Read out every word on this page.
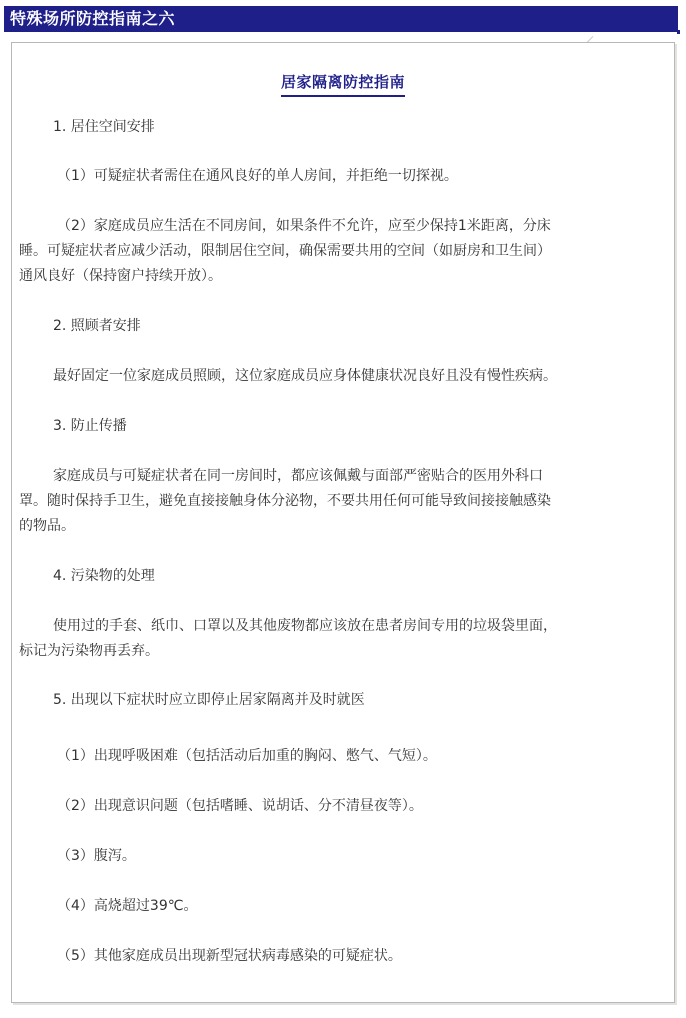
特殊场所防控指南之六
居家隔离防控指南
1. 居住空间安排
（1）可疑症状者需住在通风良好的单人房间，并拒绝一切探视。
（2）家庭成员应生活在不同房间，如果条件不允许，应至少保持1米距离，分床
睡。可疑症状者应减少活动，限制居住空间，确保需要共用的空间（如厨房和卫生间）
通风良好（保持窗户持续开放）。
2. 照顾者安排
最好固定一位家庭成员照顾，这位家庭成员应身体健康状况良好且没有慢性疾病。
3. 防止传播
家庭成员与可疑症状者在同一房间时，都应该佩戴与面部严密贴合的医用外科口
罩。随时保持手卫生，避免直接接触身体分泌物，不要共用任何可能导致间接接触感染
的物品。
4. 污染物的处理
使用过的手套、纸巾、口罩以及其他废物都应该放在患者房间专用的垃圾袋里面，
标记为污染物再丢弃。
5. 出现以下症状时应立即停止居家隔离并及时就医
（1）出现呼吸困难（包括活动后加重的胸闷、憋气、气短）。
（2）出现意识问题（包括嗜睡、说胡话、分不清昼夜等）。
（3）腹泻。
（4）高烧超过39℃。
（5）其他家庭成员出现新型冠状病毒感染的可疑症状。
